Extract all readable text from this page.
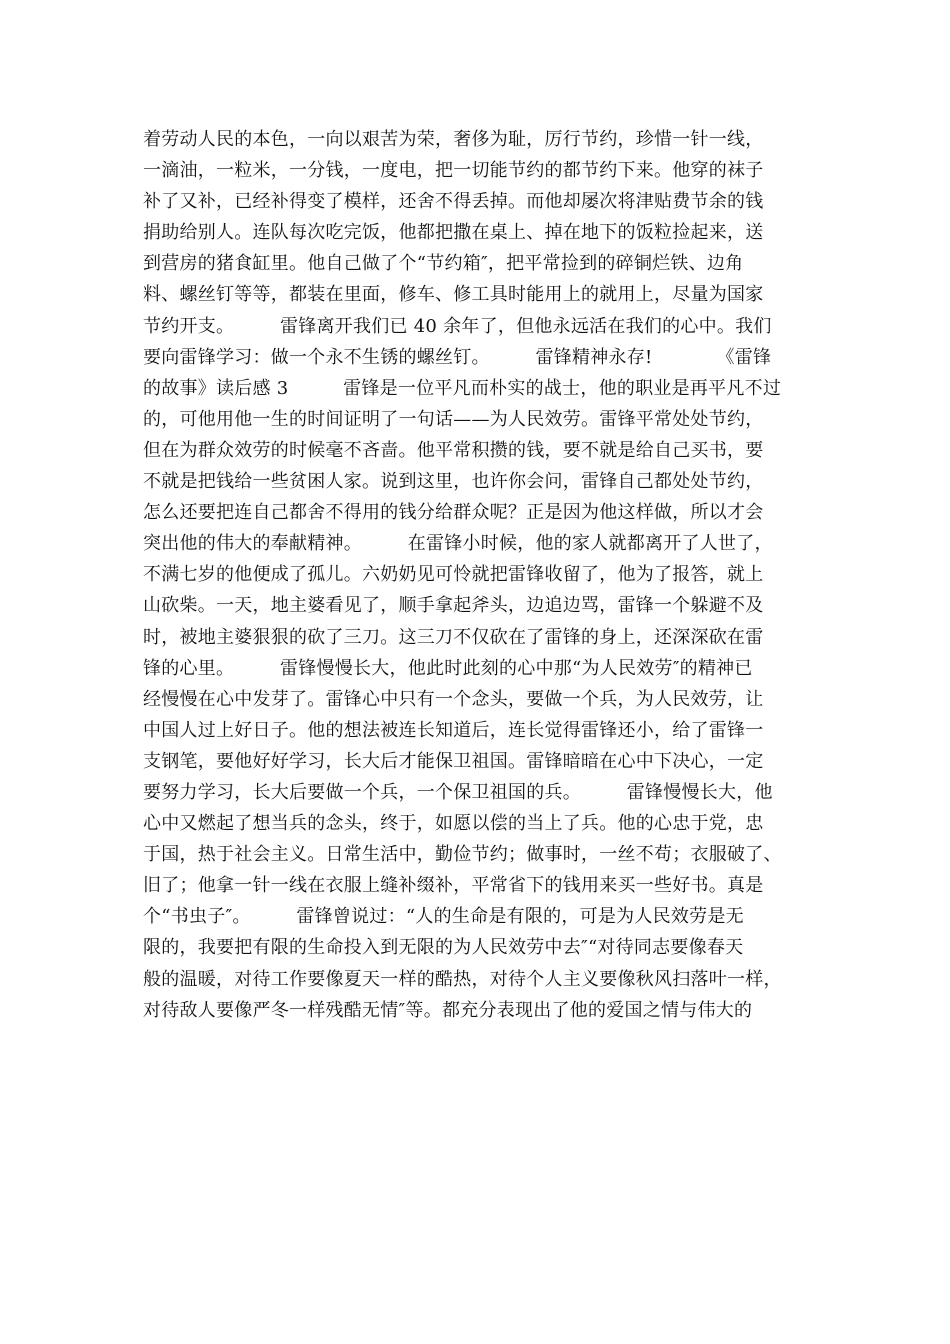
着劳动人民的本色，一向以艰苦为荣，奢侈为耻，厉行节约，珍惜一针一线，
一滴油，一粒米，一分钱，一度电，把一切能节约的都节约下来。他穿的袜子
补了又补，已经补得变了模样，还舍不得丢掉。而他却屡次将津贴费节余的钱
捐助给别人。连队每次吃完饭，他都把撒在桌上、掉在地下的饭粒捡起来，送
到营房的猪食缸里。他自己做了个“节约箱″，把平常捡到的碎铜烂铁、边角
料、螺丝钉等等，都装在里面，修车、修工具时能用上的就用上，尽量为国家
节约开支。　　　雷锋离开我们已 40 余年了，但他永远活在我们的心中。我们
要向雷锋学习：做一个永不生锈的螺丝钉。　　　雷锋精神永存!　　　　《雷锋
的故事》读后感 3　　　雷锋是一位平凡而朴实的战士，他的职业是再平凡不过
的，可他用他一生的时间证明了一句话——为人民效劳。雷锋平常处处节约，
但在为群众效劳的时候毫不吝啬。他平常积攒的钱，要不就是给自己买书，要
不就是把钱给一些贫困人家。说到这里，也许你会问，雷锋自己都处处节约，
怎么还要把连自己都舍不得用的钱分给群众呢？正是因为他这样做，所以才会
突出他的伟大的奉献精神。　　　在雷锋小时候，他的家人就都离开了人世了，
不满七岁的他便成了孤儿。六奶奶见可怜就把雷锋收留了，他为了报答，就上
山砍柴。一天，地主婆看见了，顺手拿起斧头，边追边骂，雷锋一个躲避不及
时，被地主婆狠狠的砍了三刀。这三刀不仅砍在了雷锋的身上，还深深砍在雷
锋的心里。　　　雷锋慢慢长大，他此时此刻的心中那“为人民效劳″的精神已
经慢慢在心中发芽了。雷锋心中只有一个念头，要做一个兵，为人民效劳，让
中国人过上好日子。他的想法被连长知道后，连长觉得雷锋还小，给了雷锋一
支钢笔，要他好好学习，长大后才能保卫祖国。雷锋暗暗在心中下决心，一定
要努力学习，长大后要做一个兵，一个保卫祖国的兵。　　　雷锋慢慢长大，他
心中又燃起了想当兵的念头，终于，如愿以偿的当上了兵。他的心忠于党，忠
于国，热于社会主义。日常生活中，勤俭节约；做事时，一丝不苟；衣服破了、
旧了；他拿一针一线在衣服上缝补缀补，平常省下的钱用来买一些好书。真是
个“书虫子″。　　　雷锋曾说过：“人的生命是有限的，可是为人民效劳是无
限的，我要把有限的生命投入到无限的为人民效劳中去″“对待同志要像春天
般的温暖，对待工作要像夏天一样的酷热，对待个人主义要像秋风扫落叶一样，
对待敌人要像严冬一样残酷无情″等。都充分表现出了他的爱国之情与伟大的
